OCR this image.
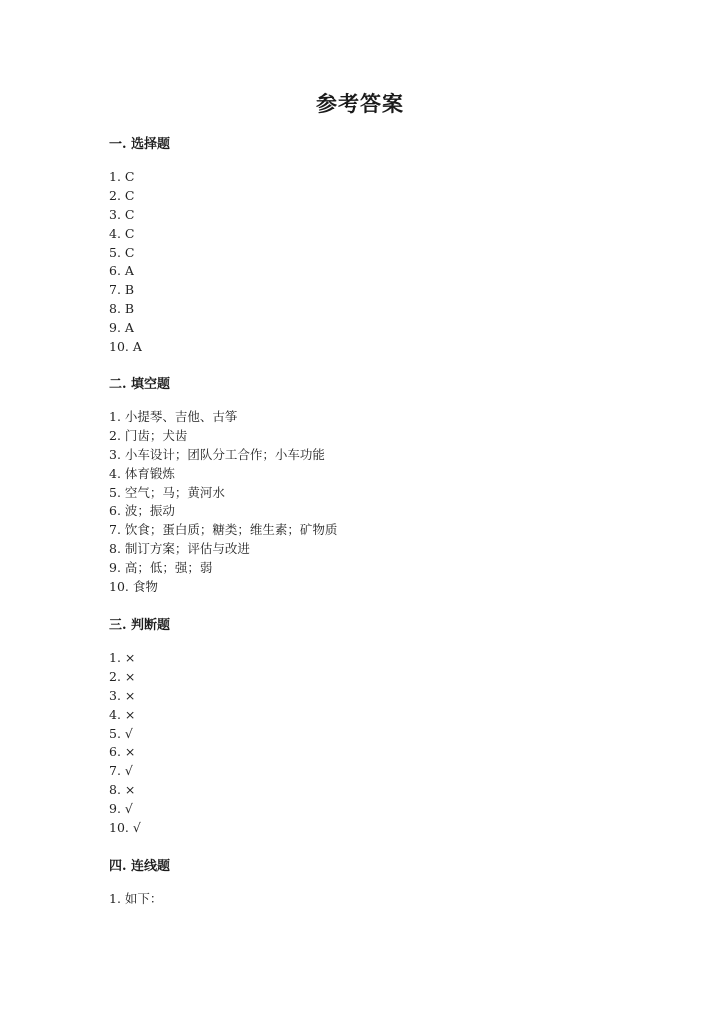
参考答案
一. 选择题
1. C
2. C
3. C
4. C
5. C
6. A
7. B
8. B
9. A
10. A
二. 填空题
1. 小提琴、吉他、古筝
2. 门齿；犬齿
3. 小车设计；团队分工合作；小车功能
4. 体育锻炼
5. 空气；马；黄河水
6. 波；振动
7. 饮食；蛋白质；糖类；维生素；矿物质
8. 制订方案；评估与改进
9. 高；低；强；弱
10. 食物
三. 判断题
1. ×
2. ×
3. ×
4. ×
5. √
6. ×
7. √
8. ×
9. √
10. √
四. 连线题
1. 如下：
